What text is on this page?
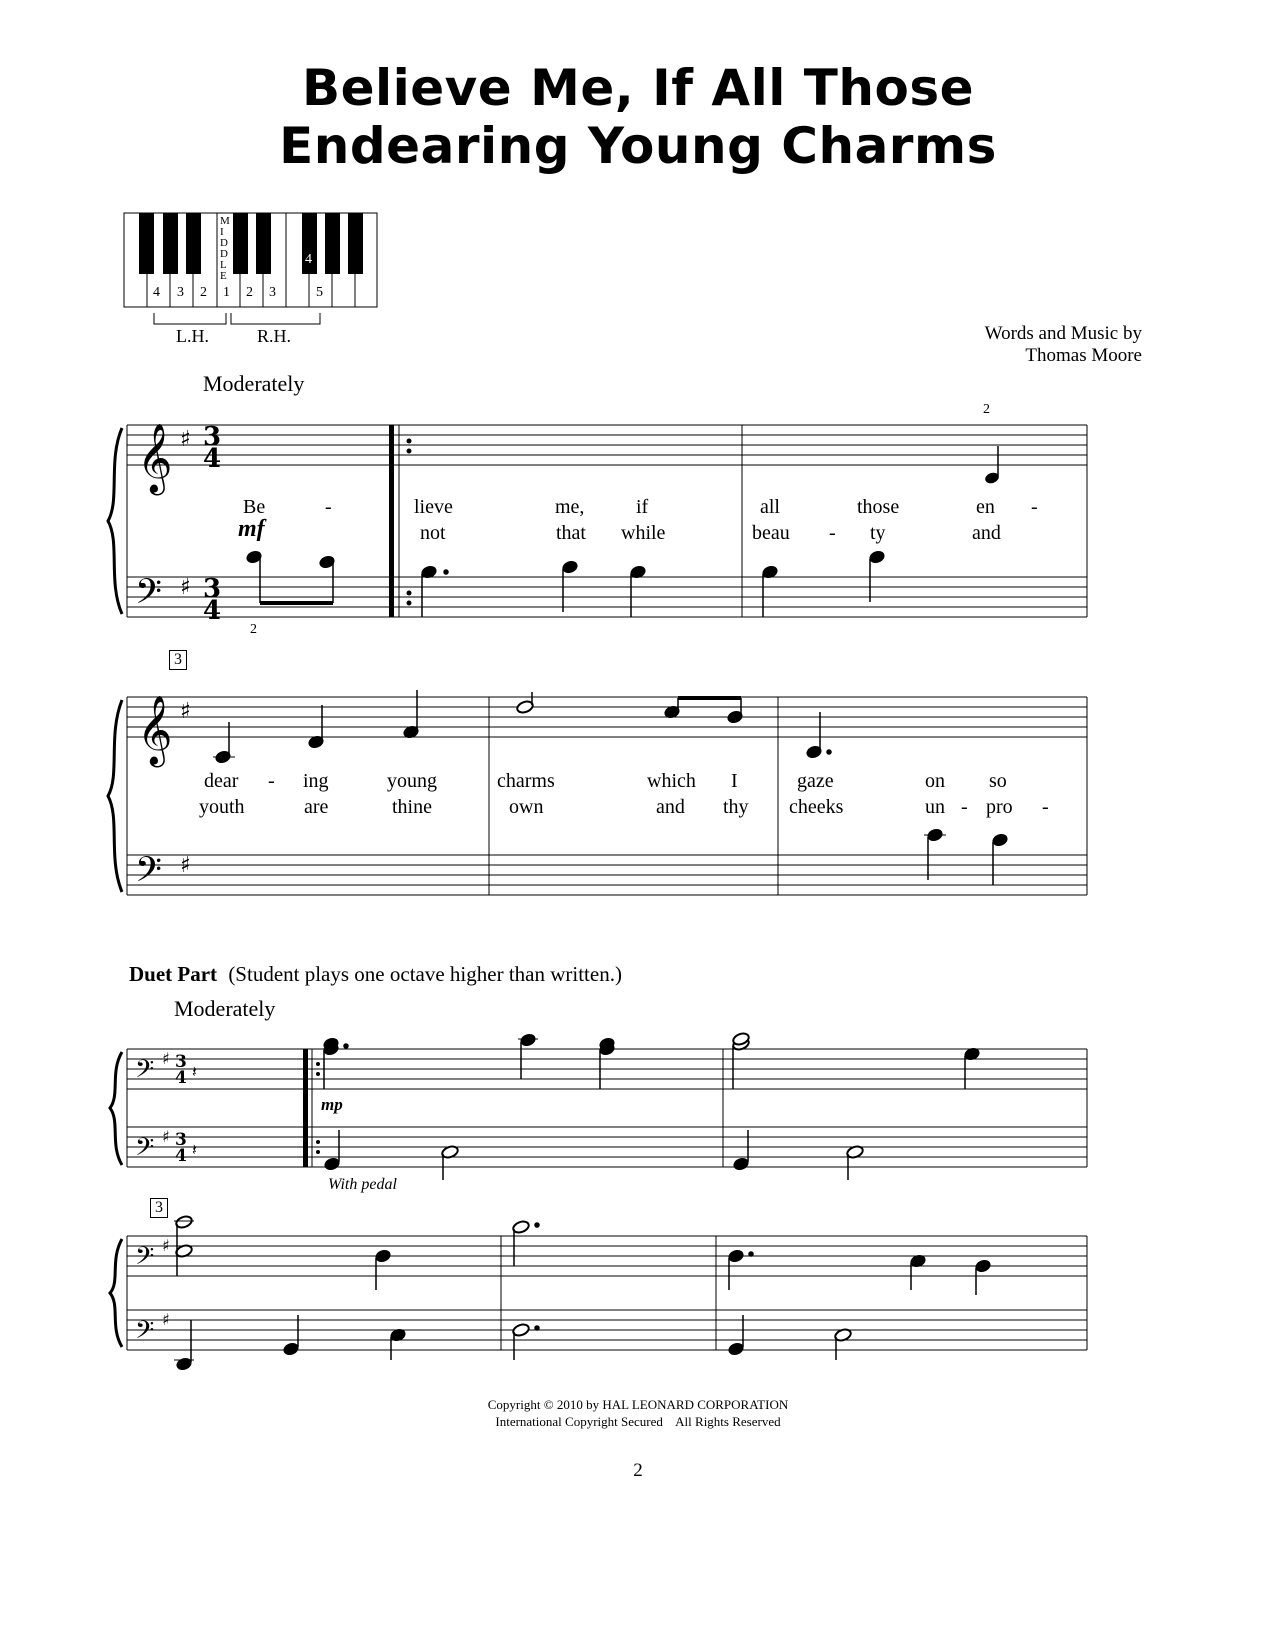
Believe Me, If All Those
Endearing Young Charms
4 3 2 1 2 3	5
4
MIDDLE
L.H.	R.H.	Words and Music by
Thomas Moore
Moderately
𝄞
𝄢
♯
♯
3
4
3
4
𝄞
𝄢
♯
♯
𝄢
𝄢
♯
♯
3
4
3
4
𝄽
𝄽
𝄢
𝄢
♯
♯
2
2
mf
Be	-	lieve	me,	if	all	those	en -
not	that while	beau - ty	and
3
dear - ing	young	charms	which I	gaze	on so
youth	are	thine	own	and thy cheeks	un - pro -
Duet Part (Student plays one octave higher than written.)
Moderately
mp
With pedal
3
Copyright © 2010 by HAL LEONARD CORPORATION
International Copyright Secured    All Rights Reserved
2
